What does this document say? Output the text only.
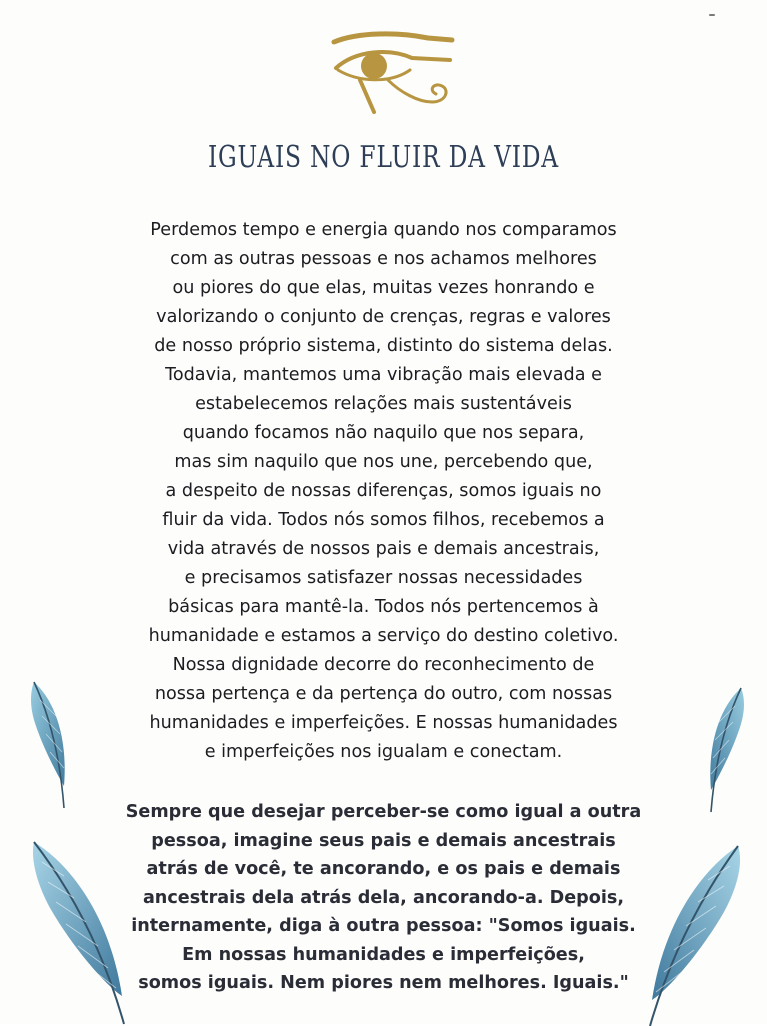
IGUAIS NO FLUIR DA VIDA
Perdemos tempo e energia quando nos comparamos
com as outras pessoas e nos achamos melhores
ou piores do que elas, muitas vezes honrando e
valorizando o conjunto de crenças, regras e valores
de nosso próprio sistema, distinto do sistema delas.
Todavia, mantemos uma vibração mais elevada e
estabelecemos relações mais sustentáveis
quando focamos não naquilo que nos separa,
mas sim naquilo que nos une, percebendo que,
a despeito de nossas diferenças, somos iguais no
fluir da vida. Todos nós somos filhos, recebemos a
vida através de nossos pais e demais ancestrais,
e precisamos satisfazer nossas necessidades
básicas para mantê-la. Todos nós pertencemos à
humanidade e estamos a serviço do destino coletivo.
Nossa dignidade decorre do reconhecimento de
nossa pertença e da pertença do outro, com nossas
humanidades e imperfeições. E nossas humanidades
e imperfeições nos igualam e conectam.
Sempre que desejar perceber-se como igual a outra
pessoa, imagine seus pais e demais ancestrais
atrás de você, te ancorando, e os pais e demais
ancestrais dela atrás dela, ancorando-a. Depois,
internamente, diga à outra pessoa: "Somos iguais.
Em nossas humanidades e imperfeições,
somos iguais. Nem piores nem melhores. Iguais."
